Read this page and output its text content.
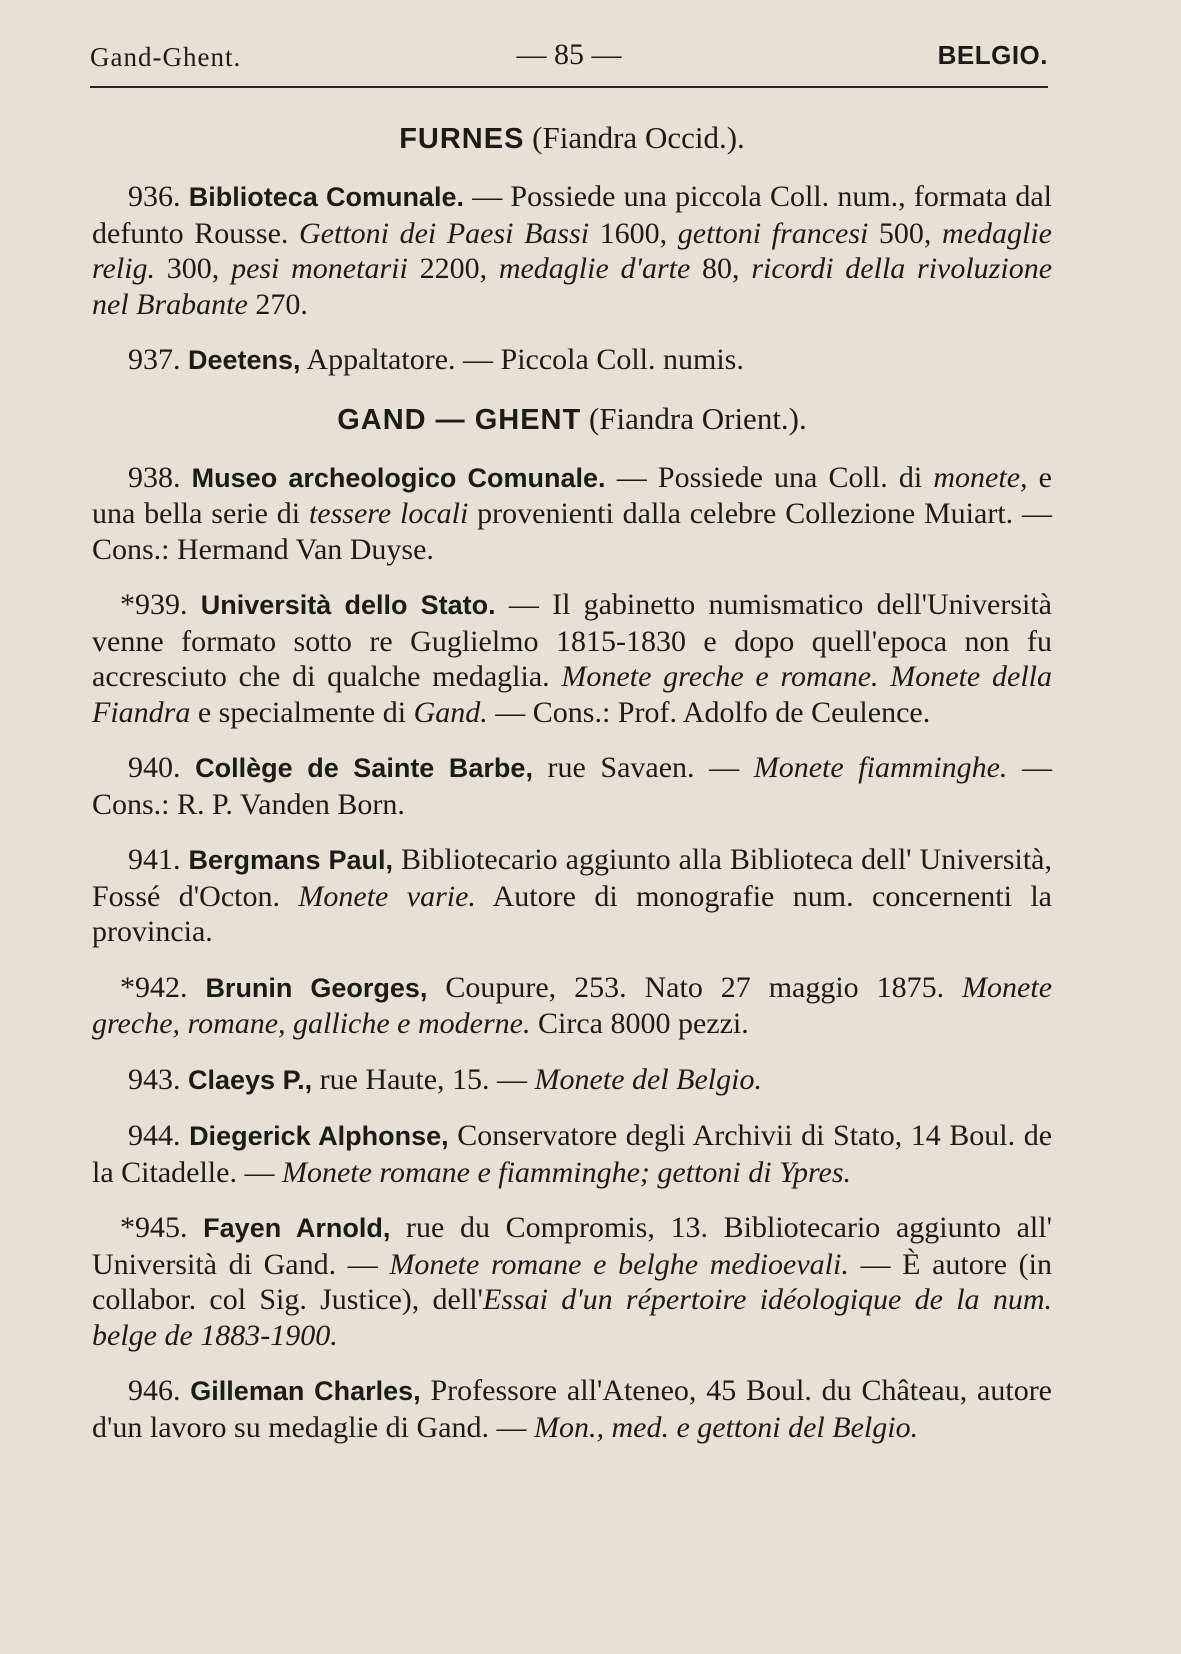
Gand-Ghent.	— 85 —	BELGIO.
FURNES (Fiandra Occid.).

936. Biblioteca Comunale. — Possiede una piccola Coll. num., formata dal defunto Rousse. Gettoni dei Paesi Bassi 1600, gettoni francesi 500, medaglie relig. 300, pesi monetarii 2200, medaglie d'arte 80, ricordi della rivoluzione nel Brabante 270.

937. Deetens, Appaltatore. — Piccola Coll. numis.

GAND — GHENT (Fiandra Orient.).

938. Museo archeologico Comunale. — Possiede una Coll. di monete, e una bella serie di tessere locali provenienti dalla celebre Collezione Muiart. — Cons.: Hermand Van Duyse.

*939. Università dello Stato. — Il gabinetto numismatico dell'Università venne formato sotto re Guglielmo 1815-1830 e dopo quell'epoca non fu accresciuto che di qualche medaglia. Monete greche e romane. Monete della Fiandra e specialmente di Gand. — Cons.: Prof. Adolfo de Ceulence.

940. Collège de Sainte Barbe, rue Savaen. — Monete fiamminghe. — Cons.: R. P. Vanden Born.

941. Bergmans Paul, Bibliotecario aggiunto alla Biblioteca dell' Università, Fossé d'Octon. Monete varie. Autore di monografie num. concernenti la provincia.

*942. Brunin Georges, Coupure, 253. Nato 27 maggio 1875. Monete greche, romane, galliche e moderne. Circa 8000 pezzi.

943. Claeys P., rue Haute, 15. — Monete del Belgio.

944. Diegerick Alphonse, Conservatore degli Archivii di Stato, 14 Boul. de la Citadelle. — Monete romane e fiamminghe; gettoni di Ypres.

*945. Fayen Arnold, rue du Compromis, 13. Bibliotecario aggiunto all' Università di Gand. — Monete romane e belghe medioevali. — È autore (in collabor. col Sig. Justice), dell'Essai d'un répertoire idéologique de la num. belge de 1883-1900.

946. Gilleman Charles, Professore all'Ateneo, 45 Boul. du Château, autore d'un lavoro su medaglie di Gand. — Mon., med. e gettoni del Belgio.
